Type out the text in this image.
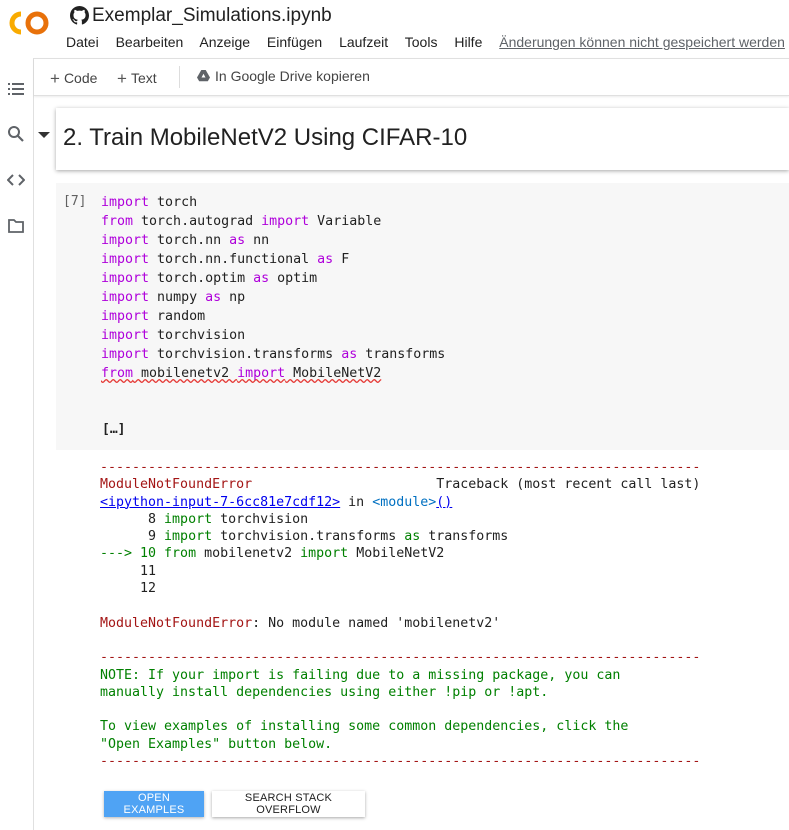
Exemplar_Simulations.ipynb
Datei Bearbeiten Anzeige Einfügen Laufzeit Tools Hilfe Änderungen können nicht gespeichert werden
+ Code + Text	In Google Drive kopieren
2. Train MobileNetV2 Using CIFAR-10
[7] import torch
from torch.autograd import Variable
import torch.nn as nn
import torch.nn.functional as F
import torch.optim as optim
import numpy as np
import random
import torchvision
import torchvision.transforms as transforms
from mobilenetv2 import MobileNetV2
[…]
---------------------------------------------------------------------------
ModuleNotFoundError                       Traceback (most recent call last)
<ipython-input-7-6cc81e7cdf12> in <module>()
8 import torchvision
9 import torchvision.transforms as transforms
---> 10 from mobilenetv2 import MobileNetV2
11
12

ModuleNotFoundError: No module named 'mobilenetv2'

---------------------------------------------------------------------------
NOTE: If your import is failing due to a missing package, you can
manually install dependencies using either !pip or !apt.

To view examples of installing some common dependencies, click the
"Open Examples" button below.
---------------------------------------------------------------------------
OPEN EXAMPLES
SEARCH STACK OVERFLOW
